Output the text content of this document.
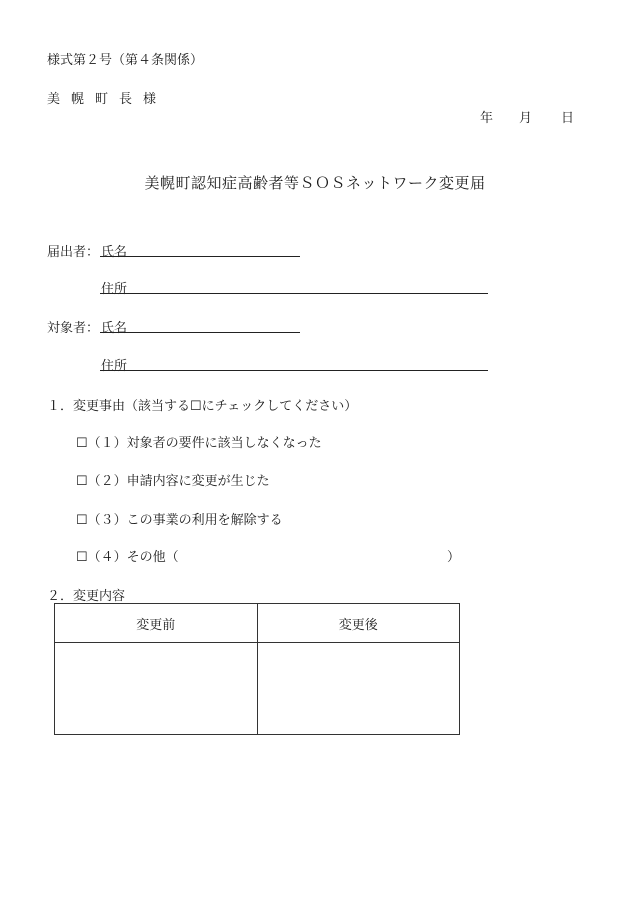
様式第２号（第４条関係）
美幌町長様
年 月 日
美幌町認知症高齢者等ＳＯＳネットワーク変更届
届出者： 氏名
住所
対象者： 氏名
住所
１．変更事由（該当する☐にチェックしてください）
☐（１）対象者の要件に該当しなくなった
☐（２）申請内容に変更が生じた
☐（３）この事業の利用を解除する
☐（４）その他（	）
２．変更内容
変更前	変更後
